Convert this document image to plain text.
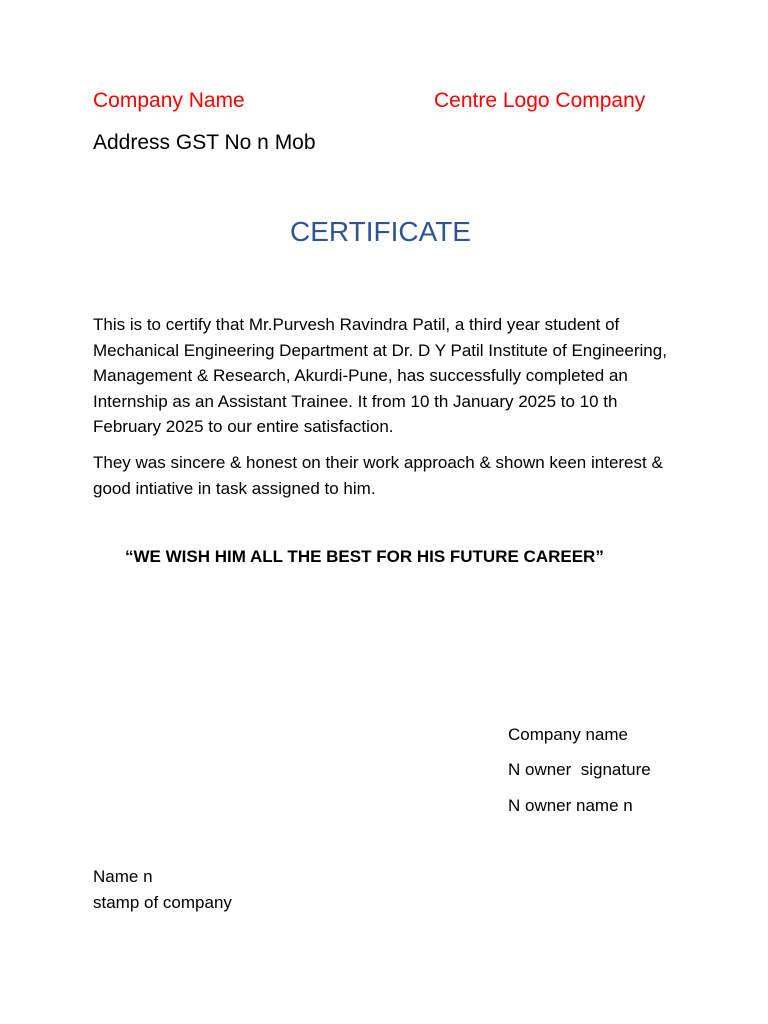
Company Name	Centre Logo Company
Address GST No n Mob
CERTIFICATE
This is to certify that Mr.Purvesh Ravindra Patil, a third year student of Mechanical Engineering Department at Dr. D Y Patil Institute of Engineering, Management & Research, Akurdi-Pune, has successfully completed an Internship as an Assistant Trainee. It from 10 th January 2025 to 10 th February 2025 to our entire satisfaction.
They was sincere & honest on their work approach & shown keen interest & good intiative in task assigned to him.
“WE WISH HIM ALL THE BEST FOR HIS FUTURE CAREER”
Company name
N owner  signature
N owner name n
Name n
stamp of company
